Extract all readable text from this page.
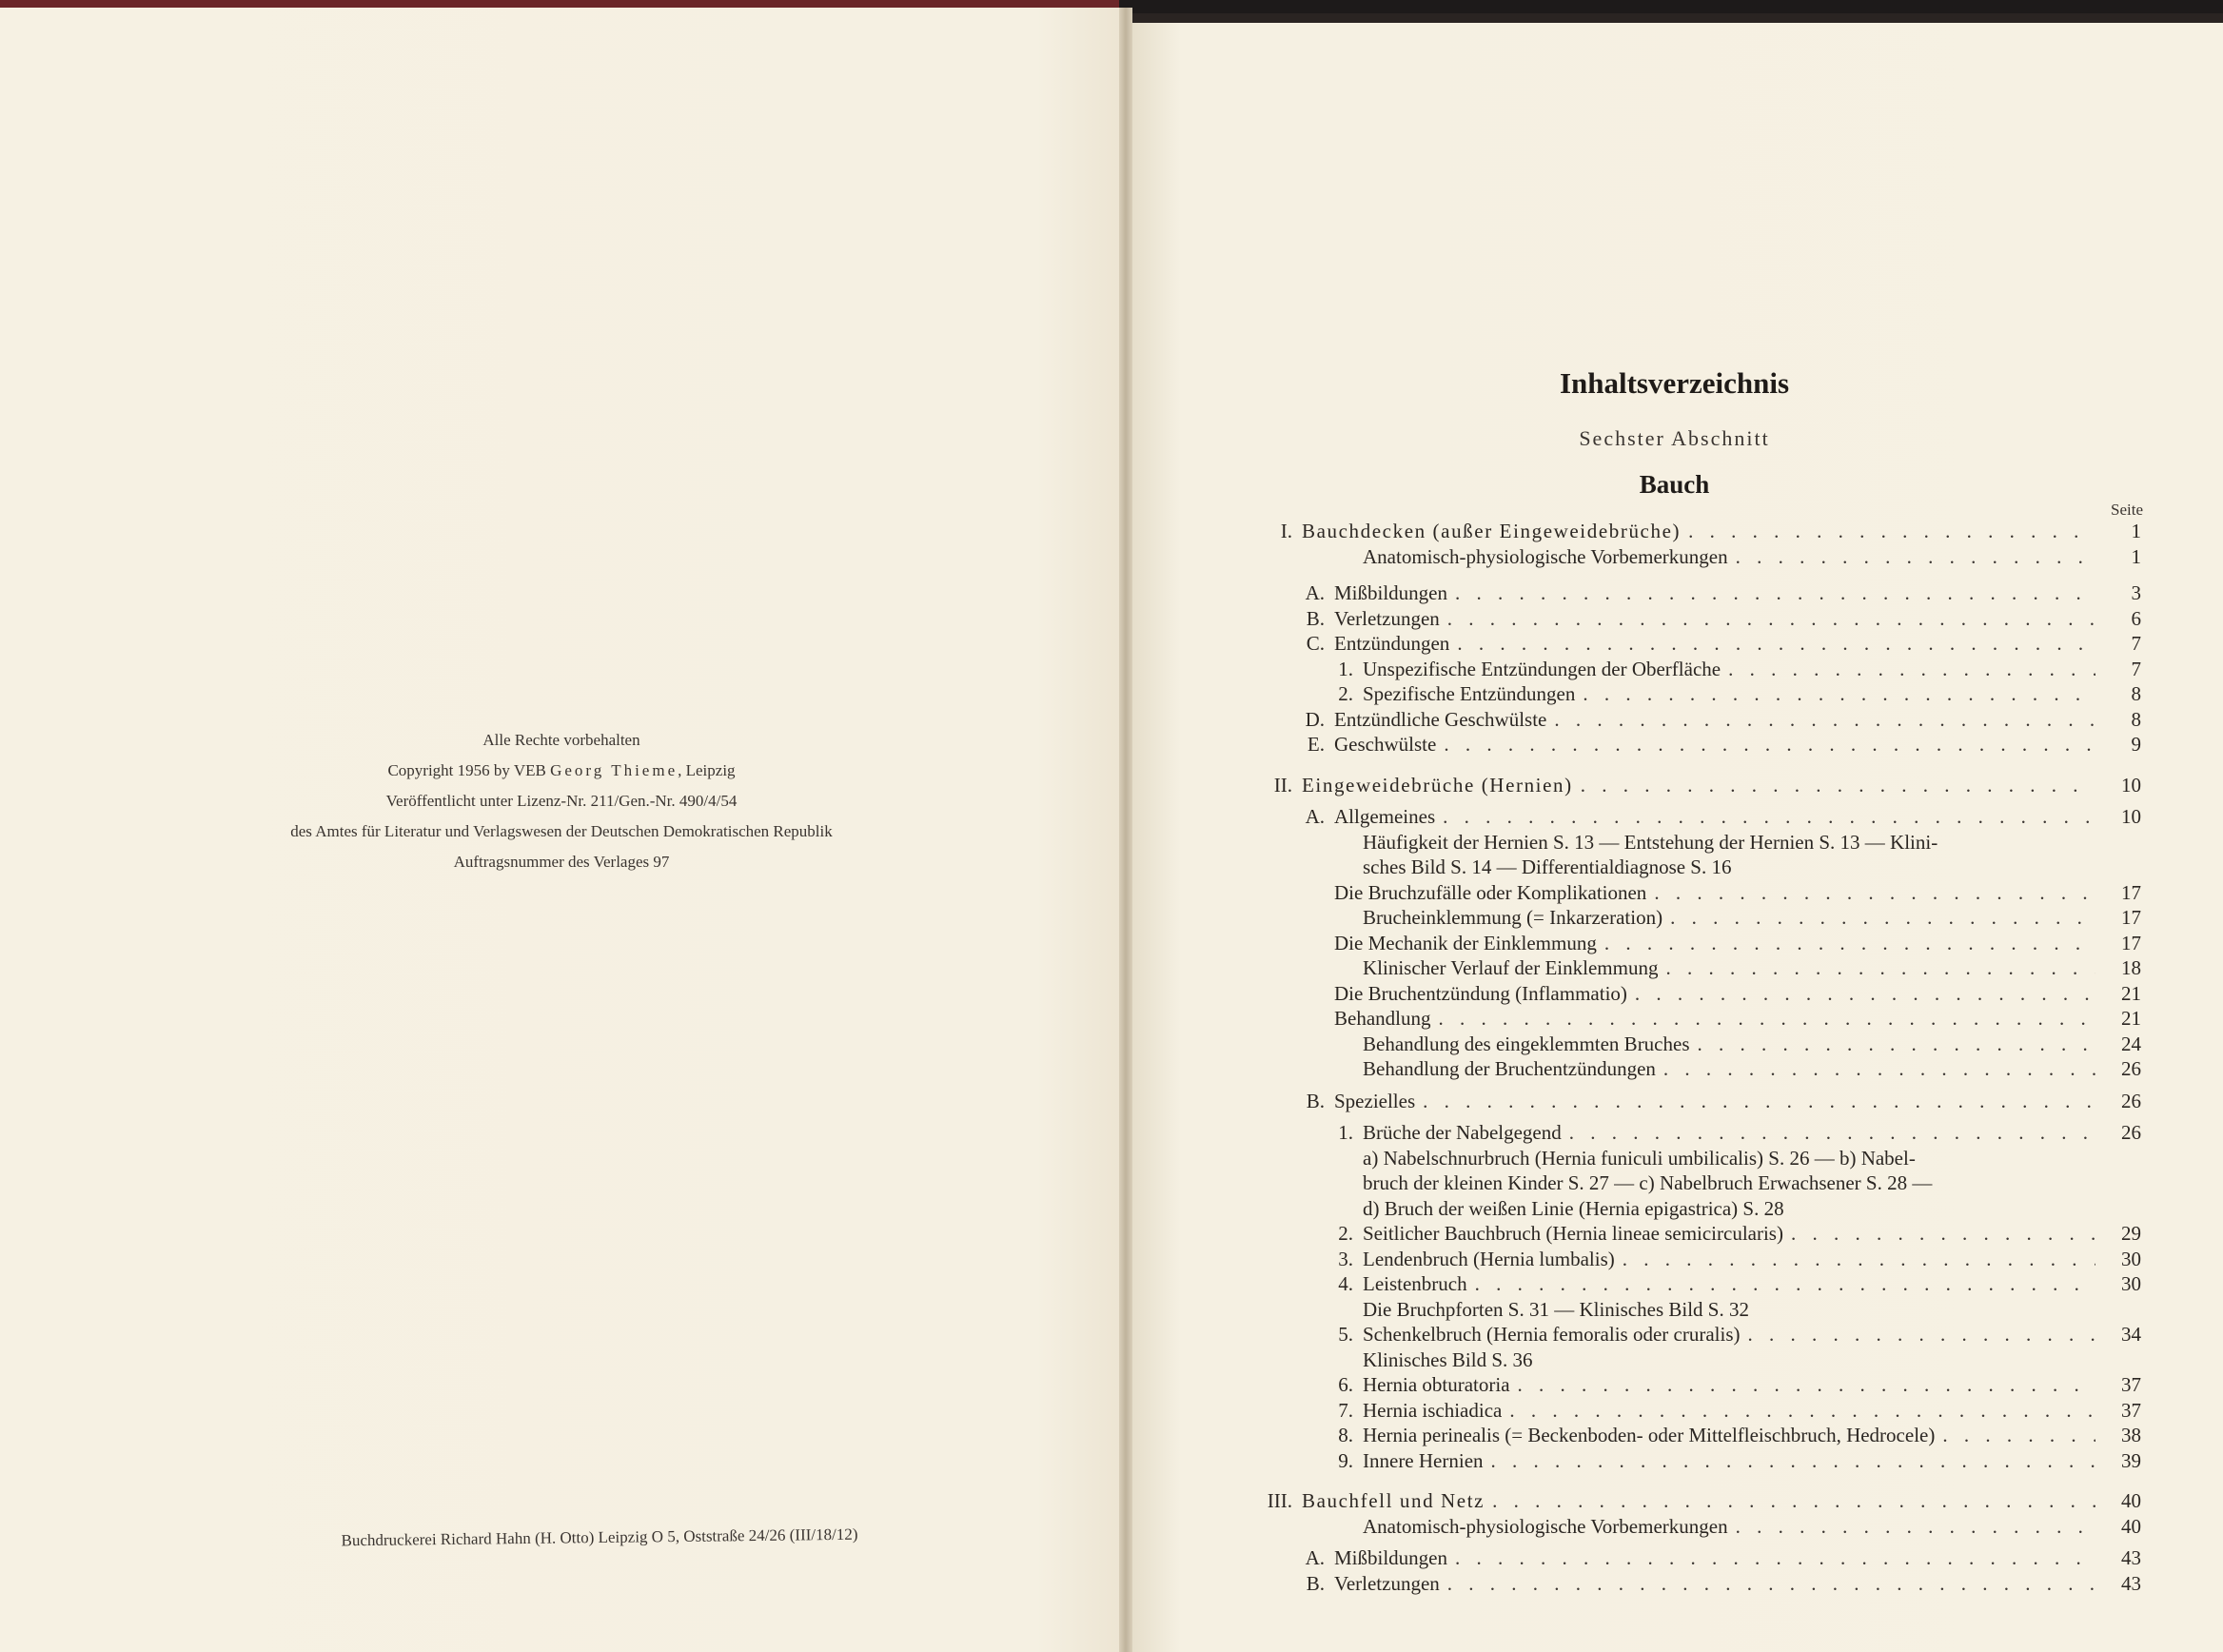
Alle Rechte vorbehalten
Copyright 1956 by VEB Georg Thieme, Leipzig
Veröffentlicht unter Lizenz-Nr. 211/Gen.-Nr. 490/4/54
des Amtes für Literatur und Verlagswesen der Deutschen Demokratischen Republik
Auftragsnummer des Verlages 97
Buchdruckerei Richard Hahn (H. Otto) Leipzig O 5, Oststraße 24/26 (III/18/12)
Inhaltsverzeichnis
Sechster Abschnitt
Bauch
Seite
I. Bauchdecken (außer Eingeweidebrüche) . . .	1
Anatomisch-physiologische Vorbemerkungen . . .	1
A. Mißbildungen . . .	3
B. Verletzungen . . .	6
C. Entzündungen . . .	7
1. Unspezifische Entzündungen der Oberfläche . . .	7
2. Spezifische Entzündungen . . .	8
D. Entzündliche Geschwülste . . .	8
E. Geschwülste . . .	9
II. Eingeweidebrüche (Hernien) . . .	10
A. Allgemeines . . .	10
Häufigkeit der Hernien S. 13 — Entstehung der Hernien S. 13 — Klini-
sches Bild S. 14 — Differentialdiagnose S. 16
Die Bruchzufälle oder Komplikationen . . .	17
Brucheinklemmung (= Inkarzeration) . . .	17
Die Mechanik der Einklemmung . . .	17
Klinischer Verlauf der Einklemmung . . .	18
Die Bruchentzündung (Inflammatio) . . .	21
Behandlung . . .	21
Behandlung des eingeklemmten Bruches . . .	24
Behandlung der Bruchentzündungen . . .	26
B. Spezielles . . .	26
1. Brüche der Nabelgegend . . .	26
a) Nabelschnurbruch (Hernia funiculi umbilicalis) S. 26 — b) Nabel-
bruch der kleinen Kinder S. 27 — c) Nabelbruch Erwachsener S. 28 —
d) Bruch der weißen Linie (Hernia epigastrica) S. 28
2. Seitlicher Bauchbruch (Hernia lineae semicircularis) . . .	29
3. Lendenbruch (Hernia lumbalis) . . .	30
4. Leistenbruch . . .	30
Die Bruchpforten S. 31 — Klinisches Bild S. 32
5. Schenkelbruch (Hernia femoralis oder cruralis) . . .	34
Klinisches Bild S. 36
6. Hernia obturatoria . . .	37
7. Hernia ischiadica . . .	37
8. Hernia perinealis (= Beckenboden- oder Mittelfleischbruch, Hedrocele) . . .	38
9. Innere Hernien . . .	39
III. Bauchfell und Netz . . .	40
Anatomisch-physiologische Vorbemerkungen . . .	40
A. Mißbildungen . . .	43
B. Verletzungen . . .	43
